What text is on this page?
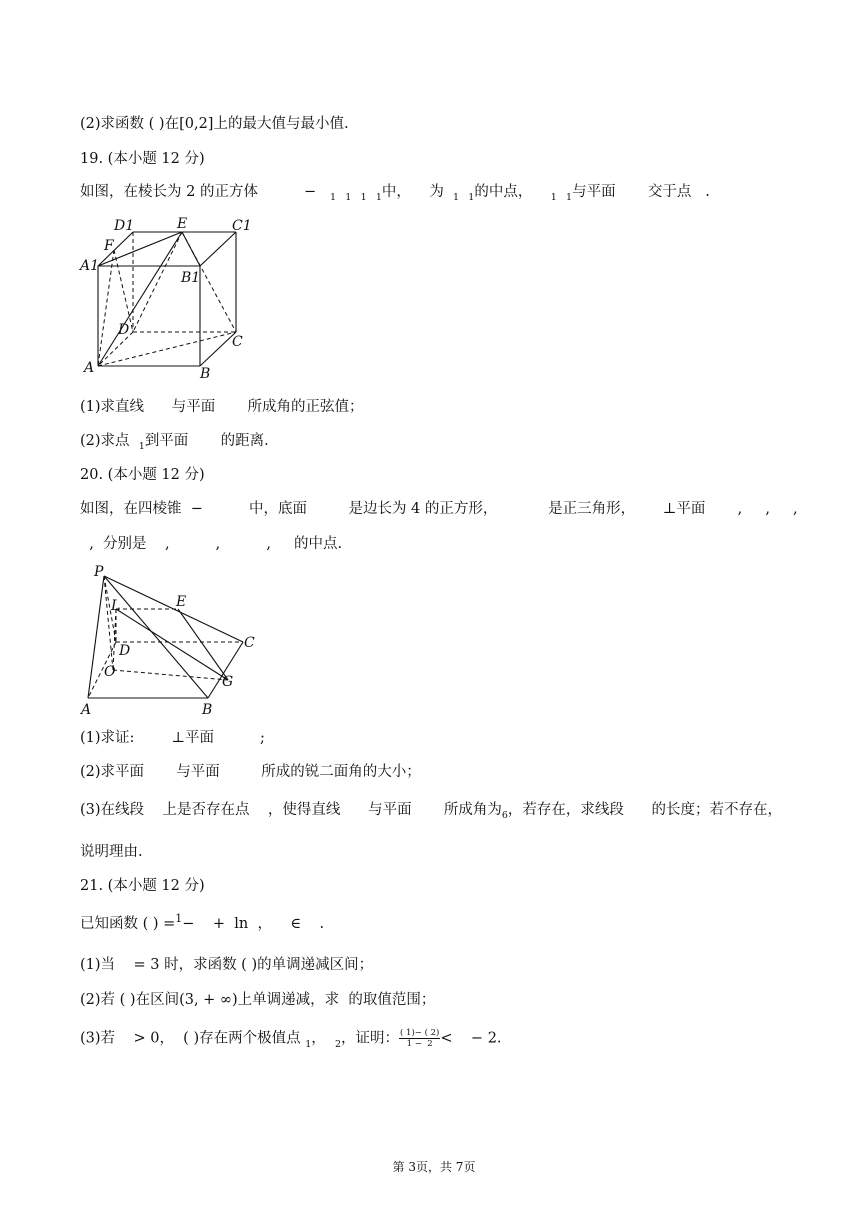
(2)求函数 ( )在[0,2]上的最大值与最小值.
19. (本小题 12 分)
如图，在棱长为 2 的正方体	− $_1$ $_1$ $_1$ $_1$中， 为 $_1$ $_1$的中点， $_1$ $_1$与平面 交于点 .
D1	E	C1
F
A1
B1
D
C
A	B
(1)求直线      与平面       所成角的正弦值；
(2)求点 $_1$到平面 的距离.
20. (本小题 12 分)
如图，在四棱锥 −	中，底面	是边长为 4 的正方形，	是正三角形， ⊥平面 ,     ,     ,
, 分别是 ,          ,          , 的中点.
P
L	E
C
D
O
G
A	B
(1)求证:	⊥平面	;
(2)求平面       与平面         所成的锐二面角的大小；
(3)在线段    上是否存在点    ，使得直线      与平面       所成角为$_6$，若存在，求线段      的长度；若不存在，
说明理由.
21. (本小题 12 分)
已知函数 ( ) =$^1$−    +  ln  ，    ∈    .
(1)当    = 3 时，求函数 ( )的单调递减区间；
(2)若 ( )在区间(3, + ∞)上单调递减，求  的取值范围；
(3)若    > 0，  ( )存在两个极值点 $_1$，  $_2$，证明： $\frac{( 1)- ( 2)}{1 - 2}$ <    − 2.
第 3页，共 7页
